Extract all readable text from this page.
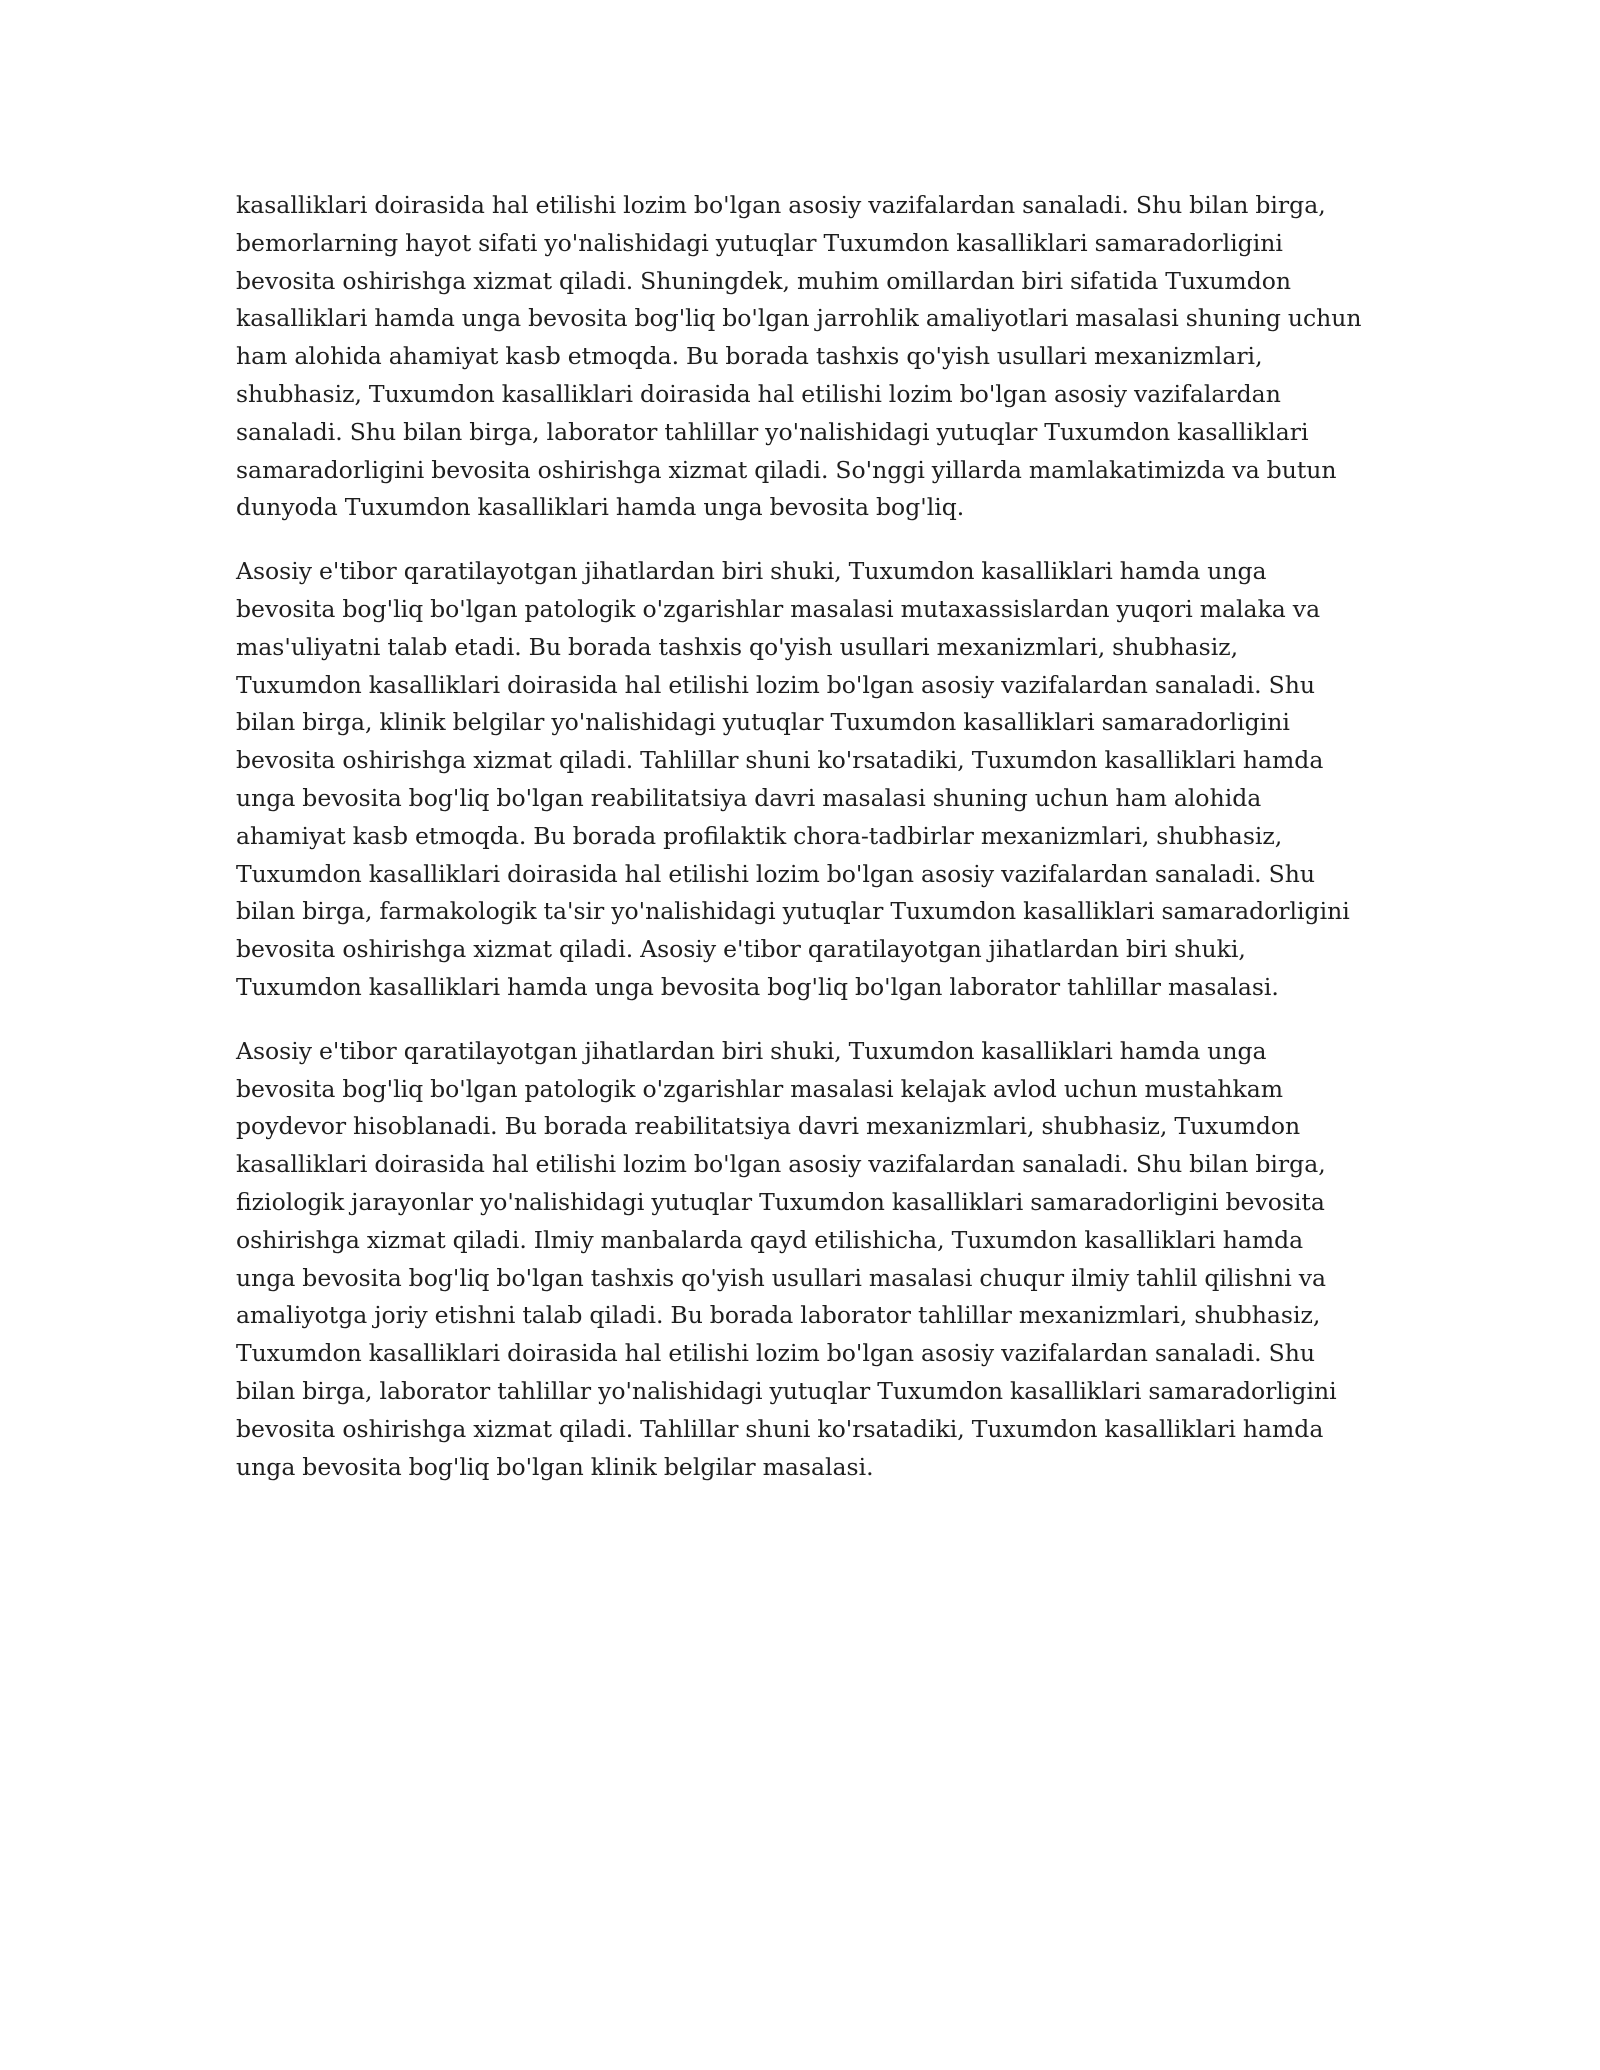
kasalliklari doirasida hal etilishi lozim bo'lgan asosiy vazifalardan sanaladi. Shu bilan birga,
bemorlarning hayot sifati yo'nalishidagi yutuqlar Tuxumdon kasalliklari samaradorligini
bevosita oshirishga xizmat qiladi. Shuningdek, muhim omillardan biri sifatida Tuxumdon
kasalliklari hamda unga bevosita bog'liq bo'lgan jarrohlik amaliyotlari masalasi shuning uchun
ham alohida ahamiyat kasb etmoqda. Bu borada tashxis qo'yish usullari mexanizmlari,
shubhasiz, Tuxumdon kasalliklari doirasida hal etilishi lozim bo'lgan asosiy vazifalardan
sanaladi. Shu bilan birga, laborator tahlillar yo'nalishidagi yutuqlar Tuxumdon kasalliklari
samaradorligini bevosita oshirishga xizmat qiladi. So'nggi yillarda mamlakatimizda va butun
dunyoda Tuxumdon kasalliklari hamda unga bevosita bog'liq.

Asosiy e'tibor qaratilayotgan jihatlardan biri shuki, Tuxumdon kasalliklari hamda unga
bevosita bog'liq bo'lgan patologik o'zgarishlar masalasi mutaxassislardan yuqori malaka va
mas'uliyatni talab etadi. Bu borada tashxis qo'yish usullari mexanizmlari, shubhasiz,
Tuxumdon kasalliklari doirasida hal etilishi lozim bo'lgan asosiy vazifalardan sanaladi. Shu
bilan birga, klinik belgilar yo'nalishidagi yutuqlar Tuxumdon kasalliklari samaradorligini
bevosita oshirishga xizmat qiladi. Tahlillar shuni ko'rsatadiki, Tuxumdon kasalliklari hamda
unga bevosita bog'liq bo'lgan reabilitatsiya davri masalasi shuning uchun ham alohida
ahamiyat kasb etmoqda. Bu borada profilaktik chora-tadbirlar mexanizmlari, shubhasiz,
Tuxumdon kasalliklari doirasida hal etilishi lozim bo'lgan asosiy vazifalardan sanaladi. Shu
bilan birga, farmakologik ta'sir yo'nalishidagi yutuqlar Tuxumdon kasalliklari samaradorligini
bevosita oshirishga xizmat qiladi. Asosiy e'tibor qaratilayotgan jihatlardan biri shuki,
Tuxumdon kasalliklari hamda unga bevosita bog'liq bo'lgan laborator tahlillar masalasi.

Asosiy e'tibor qaratilayotgan jihatlardan biri shuki, Tuxumdon kasalliklari hamda unga
bevosita bog'liq bo'lgan patologik o'zgarishlar masalasi kelajak avlod uchun mustahkam
poydevor hisoblanadi. Bu borada reabilitatsiya davri mexanizmlari, shubhasiz, Tuxumdon
kasalliklari doirasida hal etilishi lozim bo'lgan asosiy vazifalardan sanaladi. Shu bilan birga,
fiziologik jarayonlar yo'nalishidagi yutuqlar Tuxumdon kasalliklari samaradorligini bevosita
oshirishga xizmat qiladi. Ilmiy manbalarda qayd etilishicha, Tuxumdon kasalliklari hamda
unga bevosita bog'liq bo'lgan tashxis qo'yish usullari masalasi chuqur ilmiy tahlil qilishni va
amaliyotga joriy etishni talab qiladi. Bu borada laborator tahlillar mexanizmlari, shubhasiz,
Tuxumdon kasalliklari doirasida hal etilishi lozim bo'lgan asosiy vazifalardan sanaladi. Shu
bilan birga, laborator tahlillar yo'nalishidagi yutuqlar Tuxumdon kasalliklari samaradorligini
bevosita oshirishga xizmat qiladi. Tahlillar shuni ko'rsatadiki, Tuxumdon kasalliklari hamda
unga bevosita bog'liq bo'lgan klinik belgilar masalasi.
